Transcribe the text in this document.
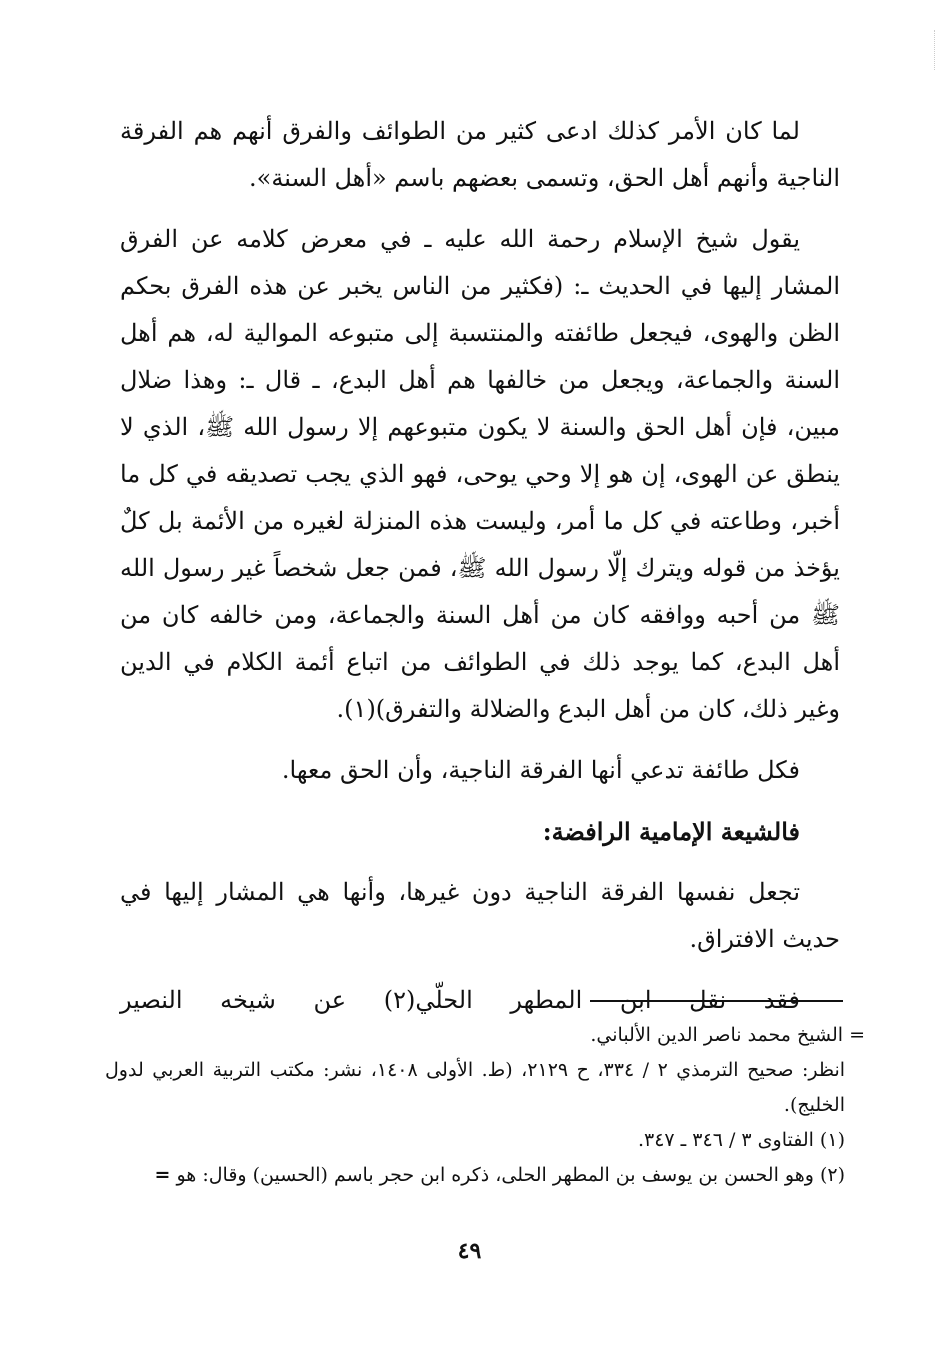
لما كان الأمر كذلك ادعى كثير من الطوائف والفرق أنهم هم الفرقة الناجية وأنهم أهل الحق، وتسمى بعضهم باسم «أهل السنة».

يقول شيخ الإسلام رحمة الله عليه ـ في معرض كلامه عن الفرق المشار إليها في الحديث ـ: (فكثير من الناس يخبر عن هذه الفرق بحكم الظن والهوى، فيجعل طائفته والمنتسبة إلى متبوعه الموالية له، هم أهل السنة والجماعة، ويجعل من خالفها هم أهل البدع، ـ قال ـ: وهذا ضلال مبين، فإن أهل الحق والسنة لا يكون متبوعهم إلا رسول الله ﷺ، الذي لا ينطق عن الهوى، إن هو إلا وحي يوحى، فهو الذي يجب تصديقه في كل ما أخبر، وطاعته في كل ما أمر، وليست هذه المنزلة لغيره من الأئمة بل كلٌ يؤخذ من قوله ويترك إلّا رسول الله ﷺ، فمن جعل شخصاً غير رسول الله ﷺ من أحبه ووافقه كان من أهل السنة والجماعة، ومن خالفه كان من أهل البدع، كما يوجد ذلك في الطوائف من اتباع أئمة الكلام في الدين وغير ذلك، كان من أهل البدع والضلالة والتفرق)(١).

فكل طائفة تدعي أنها الفرقة الناجية، وأن الحق معها.

فالشيعة الإمامية الرافضة:

تجعل نفسها الفرقة الناجية دون غيرها، وأنها هي المشار إليها في حديث الافتراق.

فقد نقل ابن المطهر الحلّي(٢) عن شيخه النصير

= الشيخ محمد ناصر الدين الألباني.

انظر: صحيح الترمذي ٢ / ٣٣٤، ح ٢١٢٩، (ط. الأولى ١٤٠٨، نشر: مكتب التربية العربي لدول الخليج).

(١) الفتاوى ٣ / ٣٤٦ ـ ٣٤٧.

(٢) وهو الحسن بن يوسف بن المطهر الحلى، ذكره ابن حجر باسم (الحسين) وقال: هو =

٤٩
